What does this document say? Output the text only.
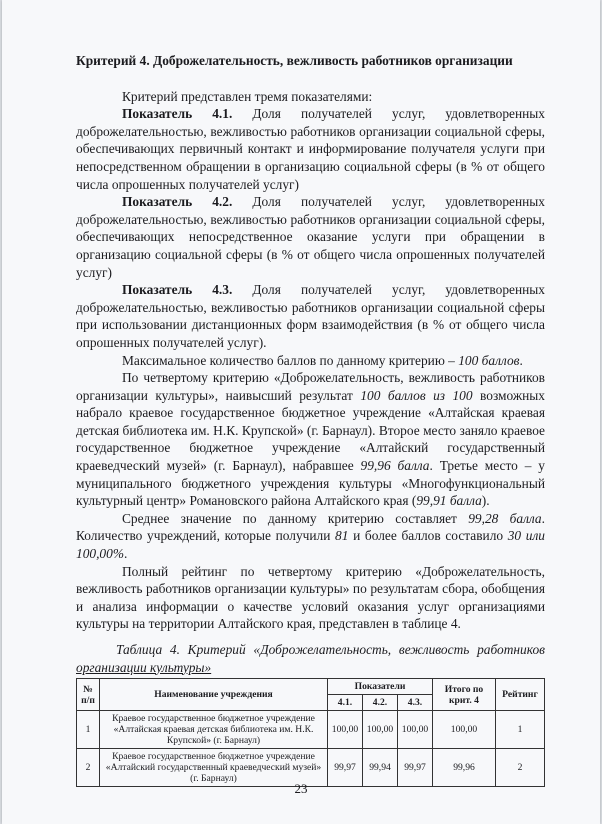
Критерий 4. Доброжелательность, вежливость работников организации

Критерий представлен тремя показателями:

Показатель 4.1. Доля получателей услуг, удовлетворенных доброжелательностью, вежливостью работников организации социальной сферы, обеспечивающих первичный контакт и информирование получателя услуги при непосредственном обращении в организацию социальной сферы (в % от общего числа опрошенных получателей услуг)

Показатель 4.2. Доля получателей услуг, удовлетворенных доброжелательностью, вежливостью работников организации социальной сферы, обеспечивающих непосредственное оказание услуги при обращении в организацию социальной сферы (в % от общего числа опрошенных получателей услуг)

Показатель 4.3. Доля получателей услуг, удовлетворенных доброжелательностью, вежливостью работников организации социальной сферы при использовании дистанционных форм взаимодействия (в % от общего числа опрошенных получателей услуг).

Максимальное количество баллов по данному критерию – 100 баллов.

По четвертому критерию «Доброжелательность, вежливость работников организации культуры», наивысший результат 100 баллов из 100 возможных набрало краевое государственное бюджетное учреждение «Алтайская краевая детская библиотека им. Н.К. Крупской» (г. Барнаул). Второе место заняло краевое государственное бюджетное учреждение «Алтайский государственный краеведческий музей» (г. Барнаул), набравшее 99,96 балла. Третье место – у муниципального бюджетного учреждения культуры «Многофункциональный культурный центр» Романовского района Алтайского края (99,91 балла).

Среднее значение по данному критерию составляет 99,28 балла. Количество учреждений, которые получили 81 и более баллов составило 30 или 100,00%.

Полный рейтинг по четвертому критерию «Доброжелательность, вежливость работников организации культуры» по результатам сбора, обобщения и анализа информации о качестве условий оказания услуг организациями культуры на территории Алтайского края, представлен в таблице 4.

Таблица 4. Критерий «Доброжелательность, вежливость работников организации культуры»

№ п/п	Наименование учреждения	Показатели			Итого по крит. 4	Рейтинг
		4.1.	4.2.	4.3.		
1	Краевое государственное бюджетное учреждение «Алтайская краевая детская библиотека им. Н.К. Крупской» (г. Барнаул)	100,00	100,00	100,00	100,00	1
2	Краевое государственное бюджетное учреждение «Алтайский государственный краеведческий музей» (г. Барнаул)	99,97	99,94	99,97	99,96	2
23
